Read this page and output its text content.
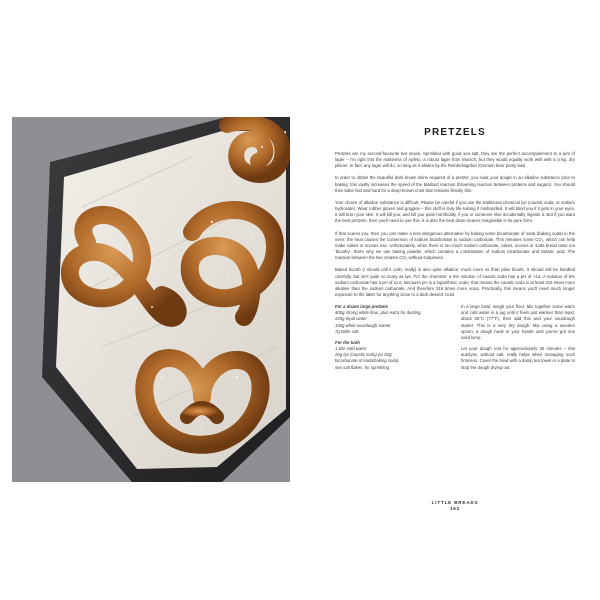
PRETZELS

Pretzels are my second-favourite bar snack. Sprinkled with good sea salt, they are the perfect accompaniment to a pint of lager – I'm right into the maltiness of Apfelo, a robust lager from Munich, but they would equally work well with a crisp, dry pilsner. In fact, any lager will do, so long as it abides by the Reinheitsgebot (German beer purity law).

In order to obtain the beautiful dark brown shine required of a pretzel, you soak your dough in an alkaline substance prior to baking: this vastly increases the speed of the Maillard reaction (browning reaction between proteins and sugars). You should then bake fast and hard for a deep-brown crust that remains filmsily thin.

Your choice of alkaline substance is difficult. Please be careful if you use the traditional chemical lye (caustic soda, or sodium hydroxide). Wear rubber gloves and goggles – this stuff is truly life-ruining if mishandled. It will blind you if it gets in your eyes. It will burn your skin. It will kill you, and kill you quite horrifically, if you or someone else accidentally ingests it. But if you want the best pretzels, then you'll need to use this. It is also the best drain cleaner imaginable in its pure form.

If that scares you, then you can make a less dangerous alternative by baking some bicarbonate of soda (baking soda) in the oven: the heat causes the conversion of sodium bicarbonate to sodium carbonate. This releases some CO₂, which can help make cakes or scones rise. Unfortunately, when there is too much sodium carbonate, cakes, scones or soda bread taste too 'bicarby', that's why we use baking powder, which contains a combination of sodium bicarbonate and tartaric acid. The reaction between the two creates CO₂ without soapiness.

Baked bicarb (I should call it carb, really) is also quite alkaline; much more so than plain bicarb. It should still be handled carefully, but isn't quite so scary as lye. For the chemists: a 5% solution of caustic soda has a pH of >14. A solution of 5% sodium carbonate has a pH of 11.6. Because pH is a logarithmic scale, that means the caustic soda is at least 316 times more alkaline than the sodium carbonate. And therefore 316 times more scary. Practically, this means you'll need much longer exposure to the latter for anything close to a dark dessert crust.

For a dozen large pretzels
400g strong white flour, plus extra for dusting
225g tepid water
150g white sourdough starter
7g table salt
For the bath
1 litre cold water
20g lye (caustic soda) (or 60g
bicarbonate of soda/baking soda)
sea salt flakes, for sprinkling

In a large bowl, weigh your flour. Mix together some warm and cold water in a jug until it feels just warmer than tepid, about 25°C (77°F), then add this and your sourdough starter. This is a very dry dough. Mix using a wooden spoon, a dough hook or your hands until you've got one solid lump.

Let your dough rest for approximately 30 minutes – this autolyse, without salt, really helps when managing such firmness. Cover the bowl with a damp tea towel or a plate to stop the dough drying out.

LITTLE BREADS
162
